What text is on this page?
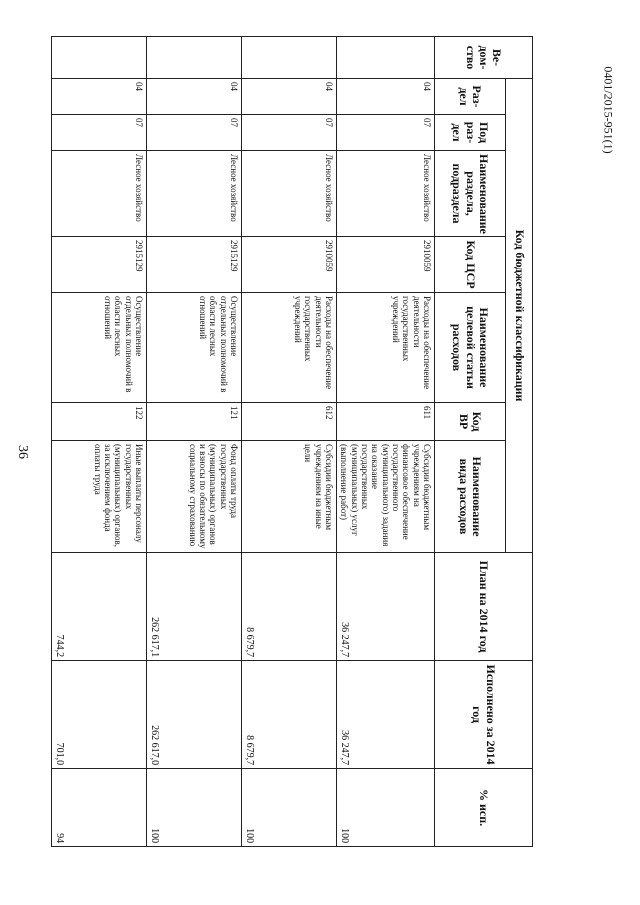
36
0401/2015-951(1)
Ве-дом-ство	Код бюджетной классификации							План на 2014 год	Исполнено за 2014 год	% исп.
	Раз-дел	Под раз-дел	Наименование раздела, подраздела	Код ЦСР	Наименование целевой статьи расходов	Код ВР	Наименование вида расходов			
	04	07	Лесное хозяйство	2910059	Расходы на обеспечение деятельности государственных учреждений	611	Субсидии бюджетным учреждениям на финансовое обеспечение государственного (муниципального) задания на оказание государственных (муниципальных) услуг (выполнение работ)	36 247,7	36 247,7	100
	04	07	Лесное хозяйство	2910059	Расходы на обеспечение деятельности государственных учреждений	612	Субсидии бюджетным учреждениям на иные цели	8 679,7	8 679,7	100
	04	07	Лесное хозяйство	2915129	Осуществление отдельных полномочий в области лесных отношений	121	Фонд оплаты труда государственных (муниципальных) органов и взносы по обязательному социальному страхованию	262 617,1	262 617,0	100
	04	07	Лесное хозяйство	2915129	Осуществление отдельных полномочий в области лесных отношений	122	Иные выплаты персоналу государственных (муниципальных) органов, за исключением фонда оплаты труда	744,2	701,0	94
